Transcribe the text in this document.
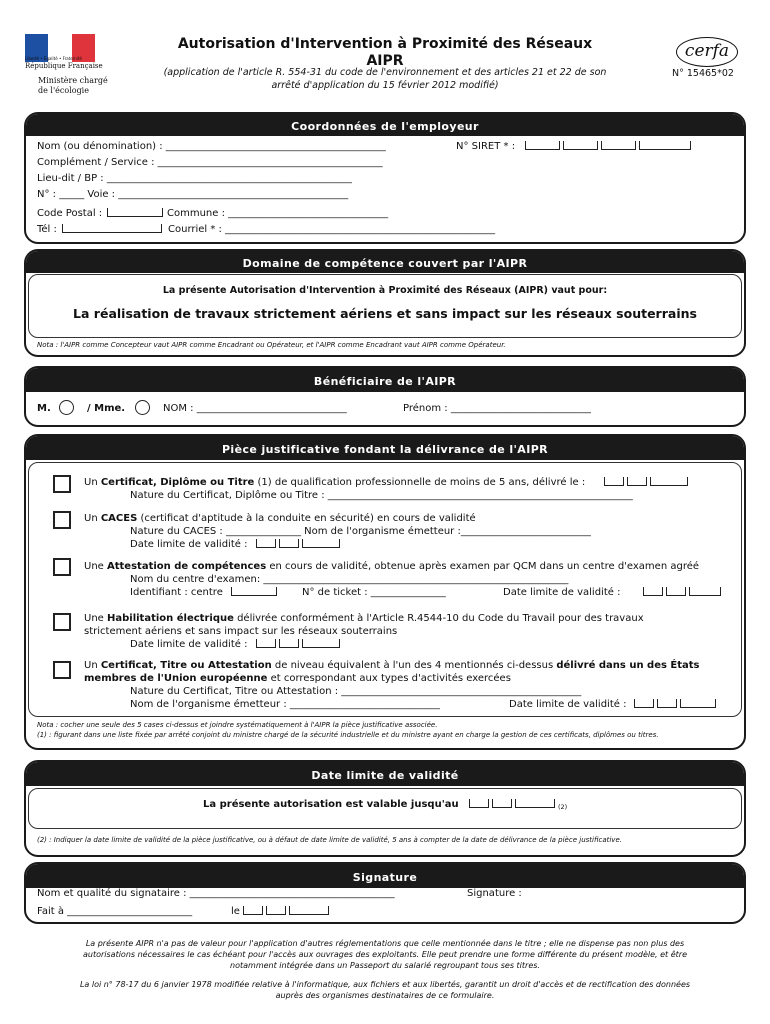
Liberté • Égalité • Fraternité
République Française
Ministère chargé
de l'écologie
Autorisation d'Intervention à Proximité des Réseaux
AIPR
(application de l'article R. 554-31 du code de l'environnement et des articles 21 et 22 de son
arrêté d'application du 15 février 2012 modifié)
cerfa
N° 15465*02
Coordonnées de l'employeur
Nom (ou dénomination) : ____________________________________________	N° SIRET * :
Complément / Service : _____________________________________________
Lieu-dit / BP : _________________________________________________
N° : _____ Voie : ______________________________________________
Code Postal :	Commune : ________________________________
Tél :	Courriel * : ______________________________________________________
Domaine de compétence couvert par l'AIPR
La présente Autorisation d'Intervention à Proximité des Réseaux (AIPR) vaut pour:
La réalisation de travaux strictement aériens et sans impact sur les réseaux souterrains
Nota : l'AIPR comme Concepteur vaut AIPR comme Encadrant ou Opérateur, et l'AIPR comme Encadrant vaut AIPR comme Opérateur.
Bénéficiaire de l'AIPR
M.	/ Mme.	NOM : ______________________________	Prénom : ____________________________
Pièce justificative fondant la délivrance de l'AIPR
Un Certificat, Diplôme ou Titre (1) de qualification professionnelle de moins de 5 ans, délivré le :
Nature du Certificat, Diplôme ou Titre : _____________________________________________________________
Un CACES (certificat d'aptitude à la conduite en sécurité) en cours de validité
Nature du CACES : _______________ Nom de l'organisme émetteur :__________________________
Date limite de validité :
Une Attestation de compétences en cours de validité, obtenue après examen par QCM dans un centre d'examen agréé
Nom du centre d'examen: _____________________________________________________________
Identifiant : centre	N° de ticket : _______________	Date limite de validité :
Une Habilitation électrique délivrée conformément à l'Article R.4544-10 du Code du Travail pour des travaux
strictement aériens et sans impact sur les réseaux souterrains
Date limite de validité :
Un Certificat, Titre ou Attestation de niveau équivalent à l'un des 4 mentionnés ci-dessus délivré dans un des États
membres de l'Union européenne et correspondant aux types d'activités exercées
Nature du Certificat, Titre ou Attestation : ________________________________________________
Nom de l'organisme émetteur : ______________________________	Date limite de validité :
Nota : cocher une seule des 5 cases ci-dessus et joindre systématiquement à l'AIPR la pièce justificative associée.
(1) : figurant dans une liste fixée par arrêté conjoint du ministre chargé de la sécurité industrielle et du ministre ayant en charge la gestion de ces certificats, diplômes ou titres.
Date limite de validité
La présente autorisation est valable jusqu'au	(2)
(2) : Indiquer la date limite de validité de la pièce justificative, ou à défaut de date limite de validité, 5 ans à compter de la date de délivrance de la pièce justificative.
Signature
Nom et qualité du signataire : _________________________________________	Signature :
Fait à _________________________	le
La présente AIPR n'a pas de valeur pour l'application d'autres réglementations que celle mentionnée dans le titre ; elle ne dispense pas non plus des
autorisations nécessaires le cas échéant pour l'accès aux ouvrages des exploitants. Elle peut prendre une forme différente du présent modèle, et être
notamment intégrée dans un Passeport du salarié regroupant tous ses titres.
La loi n° 78-17 du 6 janvier 1978 modifiée relative à l'informatique, aux fichiers et aux libertés, garantit un droit d'accès et de rectification des données
auprès des organismes destinataires de ce formulaire.
